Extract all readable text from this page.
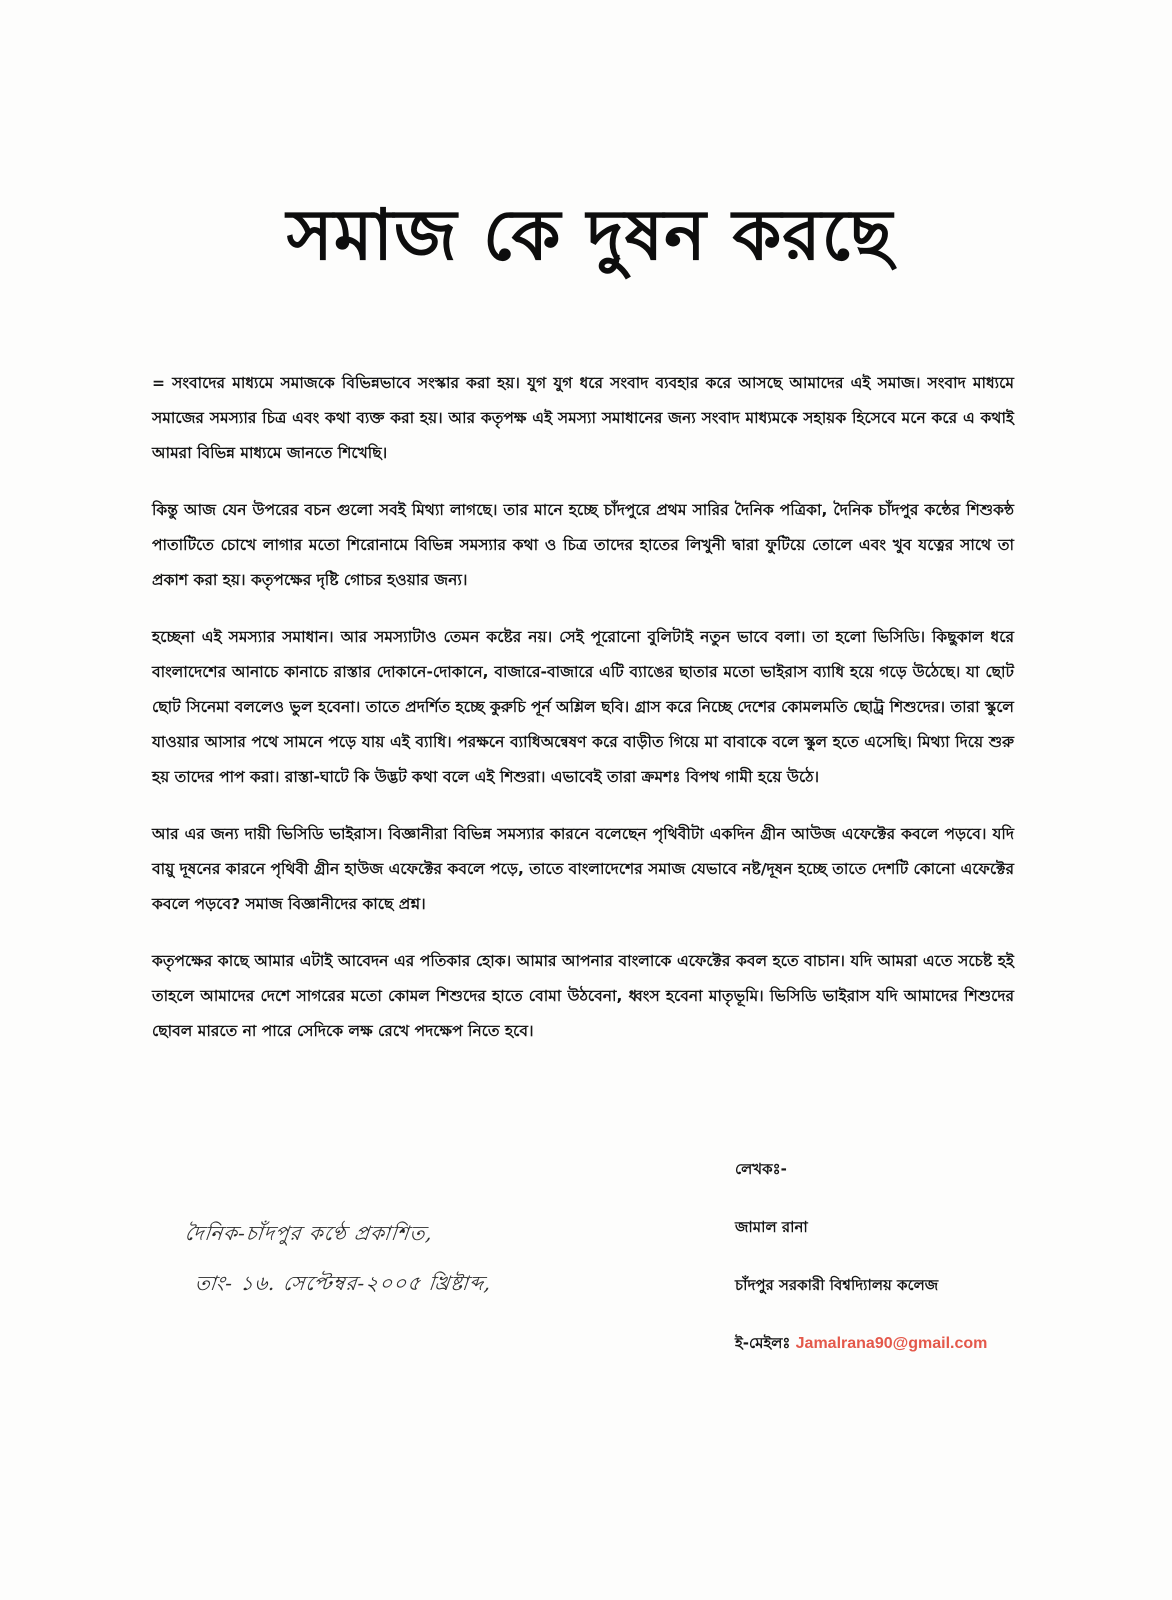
সমাজ কে দুষন করছে

= সংবাদের মাধ্যমে সমাজকে বিভিন্নভাবে সংস্কার করা হয়। যুগ যুগ ধরে সংবাদ ব্যবহার করে আসছে আমাদের এই সমাজ। সংবাদ মাধ্যমে সমাজের সমস্যার চিত্র এবং কথা ব্যক্ত করা হয়। আর কতৃপক্ষ এই সমস্যা সমাধানের জন্য সংবাদ মাধ্যমকে সহায়ক হিসেবে মনে করে এ কথাই আমরা বিভিন্ন মাধ্যমে জানতে শিখেছি।

কিন্তু আজ যেন উপরের বচন গুলো সবই মিথ্যা লাগছে। তার মানে হচ্ছে চাঁদপুরে প্রথম সারির দৈনিক পত্রিকা, দৈনিক চাঁদপুর কন্ঠের শিশুকন্ঠ পাতাটিতে চোখে লাগার মতো শিরোনামে বিভিন্ন সমস্যার কথা ও চিত্র তাদের হাতের লিখুনী দ্বারা ফুটিয়ে তোলে এবং খুব যত্নের সাথে তা প্রকাশ করা হয়। কতৃপক্ষের দৃষ্টি গোচর হওয়ার জন্য।

হচ্ছেনা এই সমস্যার সমাধান। আর সমস্যাটাও তেমন কষ্টের নয়। সেই পূরোনো বুলিটাই নতুন ভাবে বলা। তা হলো ভিসিডি। কিছুকাল ধরে বাংলাদেশের আনাচে কানাচে রাস্তার দোকানে-দোকানে, বাজারে-বাজারে এটি ব্যাঙের ছাতার মতো ভাইরাস ব্যাধি হয়ে গড়ে উঠেছে। যা ছোট ছোট সিনেমা বললেও ভুল হবেনা। তাতে প্রদর্শিত হচ্ছে কুরুচি পূর্ন অশ্লিল ছবি। গ্রাস করে নিচ্ছে দেশের কোমলমতি ছোট্র শিশুদের। তারা স্কুলে যাওয়ার আসার পথে সামনে পড়ে যায় এই ব্যাধি। পরক্ষনে ব্যাধিঅন্বেষণ করে বাড়ীত গিয়ে মা বাবাকে বলে স্কুল হতে এসেছি। মিথ্যা দিয়ে শুরু হয় তাদের পাপ করা। রাস্তা-ঘাটে কি উদ্ভট কথা বলে এই শিশুরা। এভাবেই তারা ক্রমশঃ বিপথ গামী হয়ে উঠে।

আর এর জন্য দায়ী ভিসিডি ভাইরাস। বিজ্ঞানীরা বিভিন্ন সমস্যার কারনে বলেছেন পৃথিবীটা একদিন গ্রীন আউজ এফেক্টের কবলে পড়বে। যদি বায়ু দূষনের কারনে পৃথিবী গ্রীন হাউজ এফেক্টের কবলে পড়ে, তাতে বাংলাদেশের সমাজ যেভাবে নষ্ট/দূষন হচ্ছে তাতে দেশটি কোনো এফেক্টের কবলে পড়বে? সমাজ বিজ্ঞানীদের কাছে প্রশ্ন।

কতৃপক্ষের কাছে আমার এটাই আবেদন এর পতিকার হোক। আমার আপনার বাংলাকে এফেক্টের কবল হতে বাচান। যদি আমরা এতে সচেষ্ট হই তাহলে আমাদের দেশে সাগরের মতো কোমল শিশুদের হাতে বোমা উঠবেনা, ধ্বংস হবেনা মাতৃভূমি। ভিসিডি ভাইরাস যদি আমাদের শিশুদের ছোবল মারতে না পারে সেদিকে লক্ষ রেখে পদক্ষেপ নিতে হবে।

দৈনিক-চাঁদপুর কণ্ঠে প্রকাশিত,
তাং- ১৬. সেপ্টেম্বর-২০০৫ খ্রিষ্টাব্দ,
লেখকঃ-
জামাল রানা
চাঁদপুর সরকারী বিশ্বদ্যিালয় কলেজ
ই-মেইলঃ Jamalrana90@gmail.com
